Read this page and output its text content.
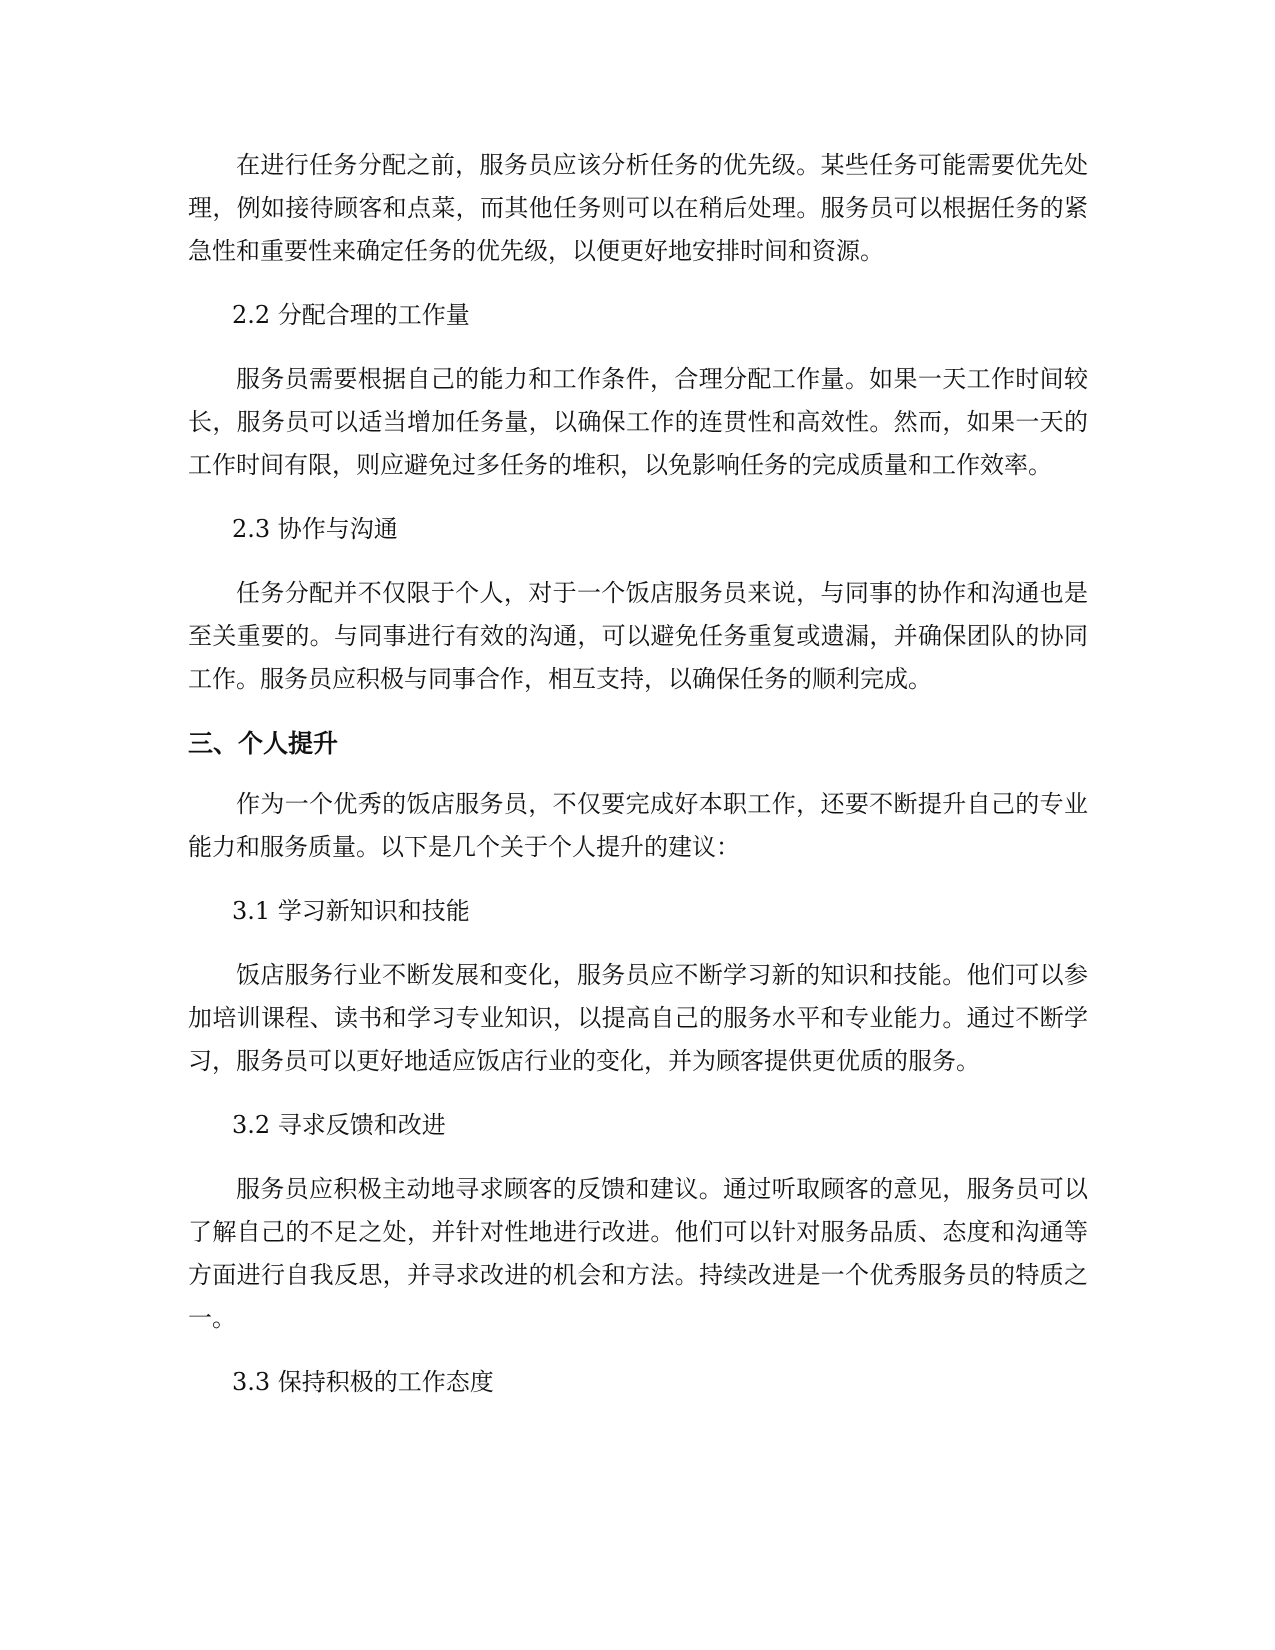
在进行任务分配之前，服务员应该分析任务的优先级。某些任务可能需要优先处理，例如接待顾客和点菜，而其他任务则可以在稍后处理。服务员可以根据任务的紧急性和重要性来确定任务的优先级，以便更好地安排时间和资源。

2.2 分配合理的工作量

服务员需要根据自己的能力和工作条件，合理分配工作量。如果一天工作时间较长，服务员可以适当增加任务量，以确保工作的连贯性和高效性。然而，如果一天的工作时间有限，则应避免过多任务的堆积，以免影响任务的完成质量和工作效率。

2.3 协作与沟通

任务分配并不仅限于个人，对于一个饭店服务员来说，与同事的协作和沟通也是至关重要的。与同事进行有效的沟通，可以避免任务重复或遗漏，并确保团队的协同工作。服务员应积极与同事合作，相互支持，以确保任务的顺利完成。

三、个人提升

作为一个优秀的饭店服务员，不仅要完成好本职工作，还要不断提升自己的专业能力和服务质量。以下是几个关于个人提升的建议：

3.1 学习新知识和技能

饭店服务行业不断发展和变化，服务员应不断学习新的知识和技能。他们可以参加培训课程、读书和学习专业知识，以提高自己的服务水平和专业能力。通过不断学习，服务员可以更好地适应饭店行业的变化，并为顾客提供更优质的服务。

3.2 寻求反馈和改进

服务员应积极主动地寻求顾客的反馈和建议。通过听取顾客的意见，服务员可以了解自己的不足之处，并针对性地进行改进。他们可以针对服务品质、态度和沟通等方面进行自我反思，并寻求改进的机会和方法。持续改进是一个优秀服务员的特质之一。

3.3 保持积极的工作态度
